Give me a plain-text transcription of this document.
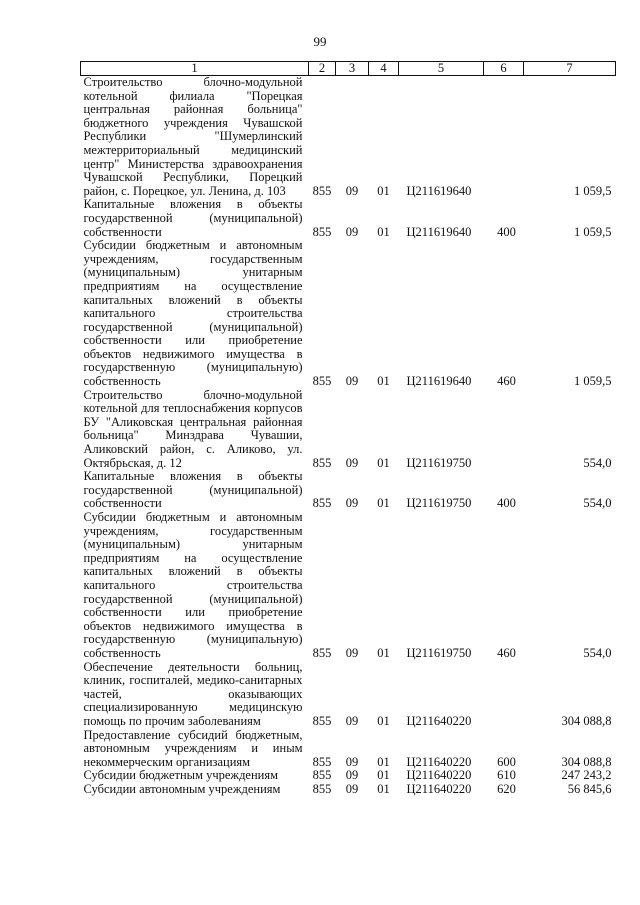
99
1	2	3	4	5	6	7
Строительство блочно-модульной котельной филиала "Порецкая центральная районная больница" бюджетного учреждения Чувашской Республики "Шумерлинский межтерриториальный медицинский центр" Министерства здравоохранения Чувашской Республики, Порецкий район, с. Порецкое, ул. Ленина, д. 103	855	09	01	Ц211619640		1 059,5
Капитальные вложения в объекты государственной (муниципальной) собственности	855	09	01	Ц211619640	400	1 059,5
Субсидии бюджетным и автономным учреждениям, государственным (муниципальным) унитарным предприятиям на осуществление капитальных вложений в объекты капитального строительства государственной (муниципальной) собственности или приобретение объектов недвижимого имущества в государственную (муниципальную) собственность	855	09	01	Ц211619640	460	1 059,5
Строительство блочно-модульной котельной для теплоснабжения корпусов БУ "Аликовская центральная районная больница" Минздрава Чувашии, Аликовский район, с. Аликово, ул. Октябрьская, д. 12	855	09	01	Ц211619750		554,0
Капитальные вложения в объекты государственной (муниципальной) собственности	855	09	01	Ц211619750	400	554,0
Субсидии бюджетным и автономным учреждениям, государственным (муниципальным) унитарным предприятиям на осуществление капитальных вложений в объекты капитального строительства государственной (муниципальной) собственности или приобретение объектов недвижимого имущества в государственную (муниципальную) собственность	855	09	01	Ц211619750	460	554,0
Обеспечение деятельности больниц, клиник, госпиталей, медико-санитарных частей, оказывающих специализированную медицинскую помощь по прочим заболеваниям	855	09	01	Ц211640220		304 088,8
Предоставление субсидий бюджетным, автономным учреждениям и иным некоммерческим организациям	855	09	01	Ц211640220	600	304 088,8
Субсидии бюджетным учреждениям	855	09	01	Ц211640220	610	247 243,2
Субсидии автономным учреждениям	855	09	01	Ц211640220	620	56 845,6
